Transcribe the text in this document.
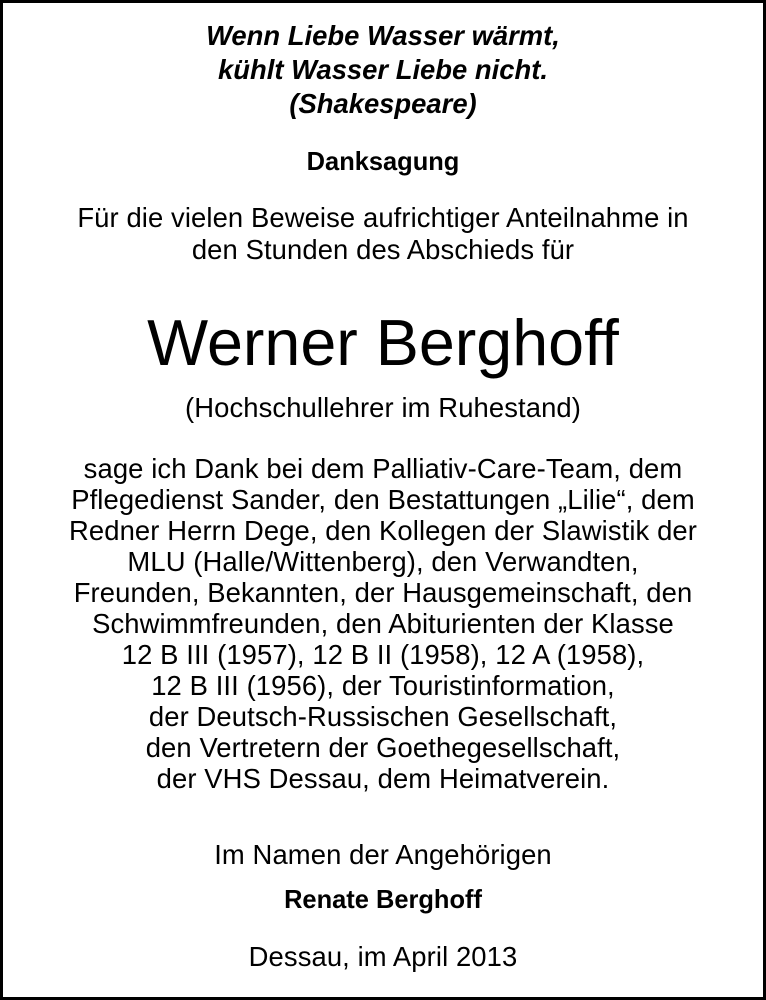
Wenn Liebe Wasser wärmt,
kühlt Wasser Liebe nicht.
(Shakespeare)
Danksagung
Für die vielen Beweise aufrichtiger Anteilnahme in
den Stunden des Abschieds für
Werner Berghoff
(Hochschullehrer im Ruhestand)
sage ich Dank bei dem Palliativ-Care-Team, dem
Pflegedienst Sander, den Bestattungen „Lilie“, dem
Redner Herrn Dege, den Kollegen der Slawistik der
MLU (Halle/Wittenberg), den Verwandten,
Freunden, Bekannten, der Hausgemeinschaft, den
Schwimmfreunden, den Abiturienten der Klasse
12 B III (1957), 12 B II (1958), 12 A (1958),
12 B III (1956), der Touristinformation,
der Deutsch-Russischen Gesellschaft,
den Vertretern der Goethegesellschaft,
der VHS Dessau, dem Heimatverein.
Im Namen der Angehörigen
Renate Berghoff
Dessau, im April 2013
